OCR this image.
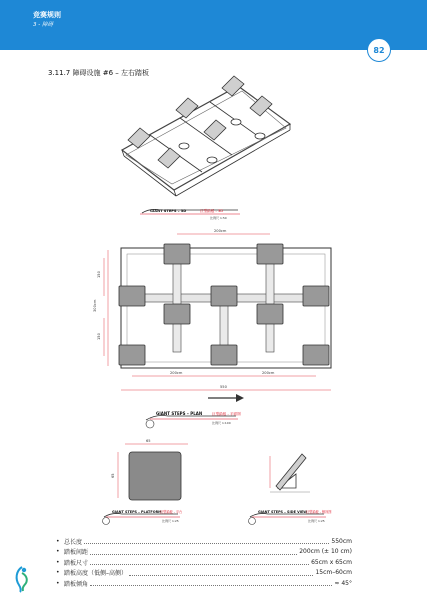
竞赛规则
3 - 障碍
82
3.11.7 障碍设施 #6 – 左右踏板
GIANT STEPS – 3D	巨型踏板 - 3D
比例尺 1:50
200cm
150
300cm
150
200cm	200cm
550
GIANT STEPS – PLAN	巨型踏板 - 平面图
比例尺 1:100
65
65
GIANT STEPS – PLATFORM
巨型踏板 - 平台
比例尺 1:25
GIANT STEPS – SIDE VIEW
巨型踏板 - 侧视图
比例尺 1:25
• 总长度	550cm
• 踏板间距	200cm (± 10 cm)
• 踏板尺寸	65cm x 65cm
• 踏板高度（低侧–高侧）	15cm–60cm
• 踏板倾角	≈ 45°
